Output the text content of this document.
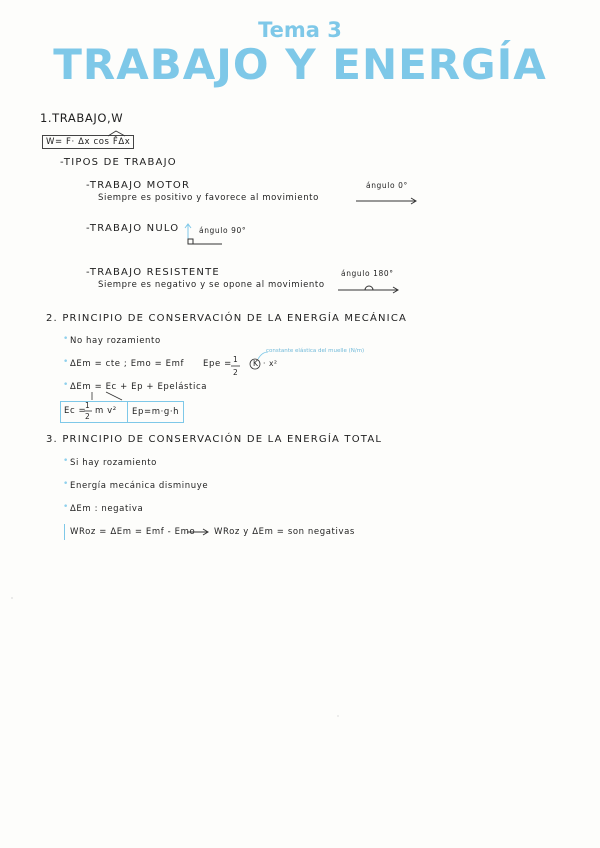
Tema 3
TRABAJO Y ENERGÍA
1.TRABAJO,W
W= F· Δx cos F̂Δx
-TIPOS DE TRABAJO
-TRABAJO MOTOR
Siempre es positivo y favorece al movimiento
ángulo 0°
-TRABAJO NULO	ángulo 90°
-TRABAJO RESISTENTE
Siempre es negativo y se opone al movimiento
ángulo 180°
2. PRINCIPIO DE CONSERVACIÓN DE LA ENERGÍA MECÁNICA
• No hay rozamiento
• ΔEm = cte ; Emo = Emf Epe = 1
2
K · x²
constante elástica del muelle (N/m)
• ΔEm = Ec + Ep + Epelástica
Ec =
1
2
m v²	Ep=m·g·h
3. PRINCIPIO DE CONSERVACIÓN DE LA ENERGÍA TOTAL
• Si hay rozamiento
• Energía mecánica disminuye
• ΔEm : negativa
WRoz = ΔEm = Emf - Emo WRoz y ΔEm = son negativas
